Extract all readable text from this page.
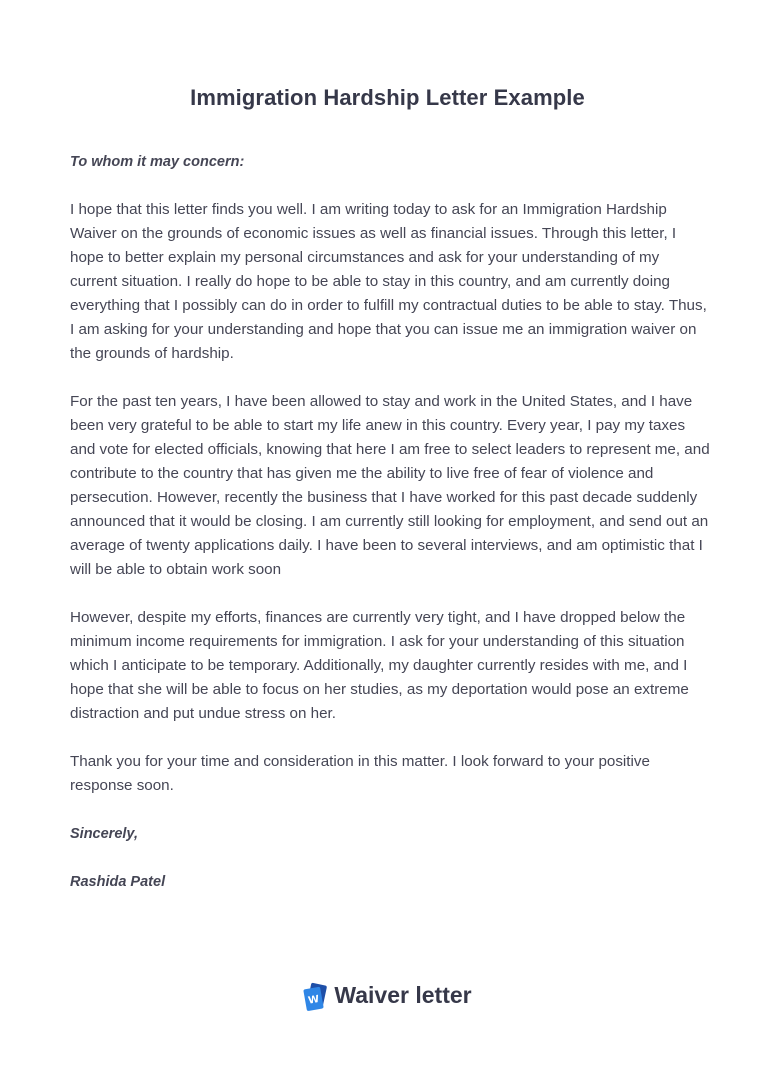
Immigration Hardship Letter Example

To whom it may concern:

I hope that this letter finds you well. I am writing today to ask for an Immigration Hardship Waiver on the grounds of economic issues as well as financial issues. Through this letter, I hope to better explain my personal circumstances and ask for your understanding of my current situation. I really do hope to be able to stay in this country, and am currently doing everything that I possibly can do in order to fulfill my contractual duties to be able to stay. Thus, I am asking for your understanding and hope that you can issue me an immigration waiver on the grounds of hardship.

For the past ten years, I have been allowed to stay and work in the United States, and I have been very grateful to be able to start my life anew in this country. Every year, I pay my taxes and vote for elected officials, knowing that here I am free to select leaders to represent me, and contribute to the country that has given me the ability to live free of fear of violence and persecution. However, recently the business that I have worked for this past decade suddenly announced that it would be closing. I am currently still looking for employment, and send out an average of twenty applications daily. I have been to several interviews, and am optimistic that I will be able to obtain work soon

However, despite my efforts, finances are currently very tight, and I have dropped below the minimum income requirements for immigration. I ask for your understanding of this situation which I anticipate to be temporary. Additionally, my daughter currently resides with me, and I hope that she will be able to focus on her studies, as my deportation would pose an extreme distraction and put undue stress on her.

Thank you for your time and consideration in this matter. I look forward to your positive response soon.

Sincerely,

Rashida Patel

W Waiver letter
